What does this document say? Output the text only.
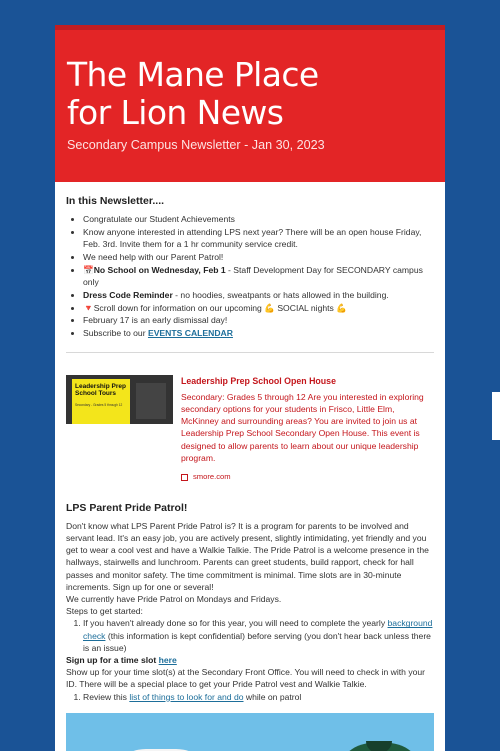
The Mane Place
for Lion News
Secondary Campus Newsletter - Jan 30, 2023
In this Newsletter....
• Congratulate our Student Achievements
• Know anyone interested in attending LPS next year? There will be an open house Friday, Feb. 3rd. Invite them for a 1 hr community service credit.
• We need help with our Parent Patrol!
• 📅No School on Wednesday, Feb 1 - Staff Development Day for SECONDARY campus only
• Dress Code Reminder - no hoodies, sweatpants or hats allowed in the building.
• 🔻Scroll down for information on our upcoming 💪 SOCIAL nights 💪
• February 17 is an early dismissal day!
• Subscribe to our EVENTS CALENDAR
Leadership Prep School Tours
Secondary - Grades 5 through 12
Leadership Prep School Open House
Secondary: Grades 5 through 12 Are you interested in exploring secondary options for your students in Frisco, Little Elm, McKinney and surrounding areas? You are invited to join us at Leadership Prep School Secondary Open House. This event is designed to allow parents to learn about our unique leadership program.
smore.com
LPS Parent Pride Patrol!

Don't know what LPS Parent Pride Patrol is? It is a program for parents to be involved and servant lead. It's an easy job, you are actively present, slightly intimidating, yet friendly and you get to wear a cool vest and have a Walkie Talkie. The Pride Patrol is a welcome presence in the hallways, stairwells and lunchroom. Parents can greet students, build rapport, check for hall passes and monitor safety. The time commitment is minimal. Time slots are in 30-minute increments. Sign up for one or several!

We currently have Pride Patrol on Mondays and Fridays.

Steps to get started:

1. If you haven't already done so for this year, you will need to complete the yearly background check (this information is kept confidential) before serving (you don't hear back unless there is an issue)

Sign up for a time slot here

Show up for your time slot(s) at the Secondary Front Office. You will need to check in with your ID. There will be a special place to get your Pride Patrol vest and Walkie Talkie.

1. Review this list of things to look for and do while on patrol
